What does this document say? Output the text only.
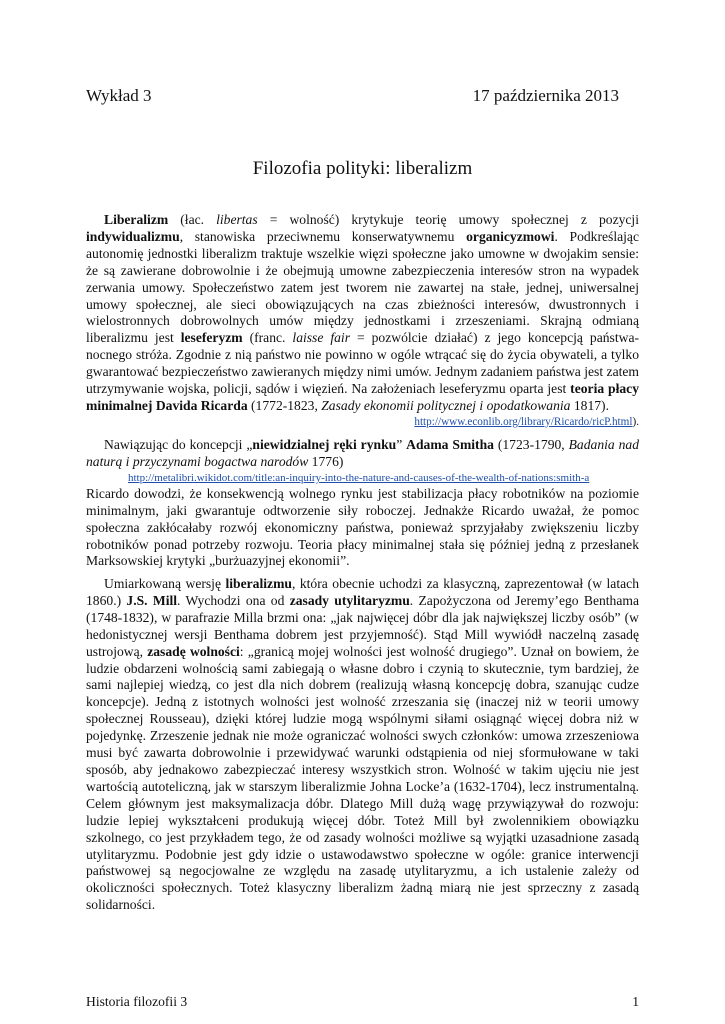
Wykład 3	17 października 2013
Filozofia polityki: liberalizm

Liberalizm (łac. libertas = wolność) krytykuje teorię umowy społecznej z pozycji indywidualizmu, stanowiska przeciwnemu konserwatywnemu organicyzmowi. Podkreślając autonomię jednostki liberalizm traktuje wszelkie więzi społeczne jako umowne w dwojakim sensie: że są zawierane dobrowolnie i że obejmują umowne zabezpieczenia interesów stron na wypadek zerwania umowy. Społeczeństwo zatem jest tworem nie zawartej na stałe, jednej, uniwersalnej umowy społecznej, ale sieci obowiązujących na czas zbieżności interesów, dwustronnych i wielostronnych dobrowolnych umów między jednostkami i zrzeszeniami. Skrajną odmianą liberalizmu jest leseferyzm (franc. laisse fair = pozwólcie działać) z jego koncepcją państwa-nocnego stróża. Zgodnie z nią państwo nie powinno w ogóle wtrącać się do życia obywateli, a tylko gwarantować bezpieczeństwo zawieranych między nimi umów. Jednym zadaniem państwa jest zatem utrzymywanie wojska, policji, sądów i więzień. Na założeniach leseferyzmu oparta jest teoria płacy minimalnej Davida Ricarda (1772-1823, Zasady ekonomii politycznej i opodatkowania 1817).

http://www.econlib.org/library/Ricardo/ricP.html).

Nawiązując do koncepcji „niewidzialnej ręki rynku” Adama Smitha (1723-1790, Badania nad naturą i przyczynami bogactwa narodów 1776)

http://metalibri.wikidot.com/title:an-inquiry-into-the-nature-and-causes-of-the-wealth-of-nations:smith-a

Ricardo dowodzi, że konsekwencją wolnego rynku jest stabilizacja płacy robotników na poziomie minimalnym, jaki gwarantuje odtworzenie siły roboczej. Jednakże Ricardo uważał, że pomoc społeczna zakłócałaby rozwój ekonomiczny państwa, ponieważ sprzyjałaby zwiększeniu liczby robotników ponad potrzeby rozwoju. Teoria płacy minimalnej stała się później jedną z przesłanek Marksowskiej krytyki „burżuazyjnej ekonomii”.

Umiarkowaną wersję liberalizmu, która obecnie uchodzi za klasyczną, zaprezentował (w latach 1860.) J.S. Mill. Wychodzi ona od zasady utylitaryzmu. Zapożyczona od Jeremy’ego Benthama (1748-1832), w parafrazie Milla brzmi ona: „jak najwięcej dóbr dla jak największej liczby osób” (w hedonistycznej wersji Benthama dobrem jest przyjemność). Stąd Mill wywiódł naczelną zasadę ustrojową, zasadę wolności: „granicą mojej wolności jest wolność drugiego”. Uznał on bowiem, że ludzie obdarzeni wolnością sami zabiegają o własne dobro i czynią to skutecznie, tym bardziej, że sami najlepiej wiedzą, co jest dla nich dobrem (realizują własną koncepcję dobra, szanując cudze koncepcje). Jedną z istotnych wolności jest wolność zrzeszania się (inaczej niż w teorii umowy społecznej Rousseau), dzięki której ludzie mogą wspólnymi siłami osiągnąć więcej dobra niż w pojedynkę. Zrzeszenie jednak nie może ograniczać wolności swych członków: umowa zrzeszeniowa musi być zawarta dobrowolnie i przewidywać warunki odstąpienia od niej sformułowane w taki sposób, aby jednakowo zabezpieczać interesy wszystkich stron. Wolność w takim ujęciu nie jest wartością autoteliczną, jak w starszym liberalizmie Johna Locke’a (1632-1704), lecz instrumentalną. Celem głównym jest maksymalizacja dóbr. Dlatego Mill dużą wagę przywiązywał do rozwoju: ludzie lepiej wykształceni produkują więcej dóbr. Toteż Mill był zwolennikiem obowiązku szkolnego, co jest przykładem tego, że od zasady wolności możliwe są wyjątki uzasadnione zasadą utylitaryzmu. Podobnie jest gdy idzie o ustawodawstwo społeczne w ogóle: granice interwencji państwowej są negocjowalne ze względu na zasadę utylitaryzmu, a ich ustalenie zależy od okoliczności społecznych. Toteż klasyczny liberalizm żadną miarą nie jest sprzeczny z zasadą solidarności.

Historia filozofii 3	1
